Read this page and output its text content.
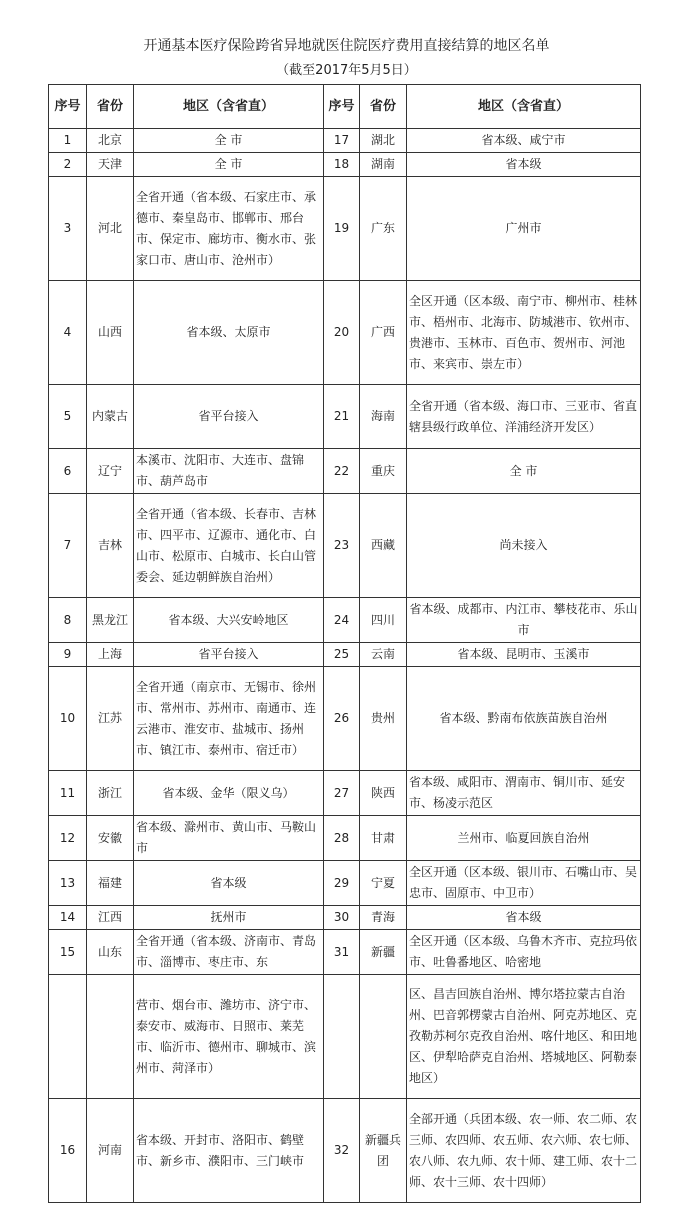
开通基本医疗保险跨省异地就医住院医疗费用直接结算的地区名单
（截至2017年5月5日）
序号	省份	地区（含省直）	序号	省份	地区（含省直）
1	北京	全 市	17	湖北	省本级、咸宁市
2	天津	全 市	18	湖南	省本级
3	河北	全省开通（省本级、石家庄市、承德市、秦皇岛市、邯郸市、邢台市、保定市、廊坊市、衡水市、张家口市、唐山市、沧州市）	19	广东	广州市
4	山西	省本级、太原市	20	广西	全区开通（区本级、南宁市、柳州市、桂林市、梧州市、北海市、防城港市、钦州市、贵港市、玉林市、百色市、贺州市、河池市、来宾市、崇左市）
5	内蒙古	省平台接入	21	海南	全省开通（省本级、海口市、三亚市、省直辖县级行政单位、洋浦经济开发区）
6	辽宁	本溪市、沈阳市、大连市、盘锦市、葫芦岛市	22	重庆	全 市
7	吉林	全省开通（省本级、长春市、吉林市、四平市、辽源市、通化市、白山市、松原市、白城市、长白山管委会、延边朝鲜族自治州）	23	西藏	尚未接入
8	黑龙江	省本级、大兴安岭地区	24	四川	省本级、成都市、内江市、攀枝花市、乐山市
9	上海	省平台接入	25	云南	省本级、昆明市、玉溪市
10	江苏	全省开通（南京市、无锡市、徐州市、常州市、苏州市、南通市、连云港市、淮安市、盐城市、扬州市、镇江市、泰州市、宿迁市）	26	贵州	省本级、黔南布依族苗族自治州
11	浙江	省本级、金华（限义乌）	27	陕西	省本级、咸阳市、渭南市、铜川市、延安市、杨凌示范区
12	安徽	省本级、滁州市、黄山市、马鞍山市	28	甘肃	兰州市、临夏回族自治州
13	福建	省本级	29	宁夏	全区开通（区本级、银川市、石嘴山市、吴忠市、固原市、中卫市）
14	江西	抚州市	30	青海	省本级
15	山东	全省开通（省本级、济南市、青岛市、淄博市、枣庄市、东	31	新疆	全区开通（区本级、乌鲁木齐市、克拉玛依市、吐鲁番地区、哈密地
		营市、烟台市、潍坊市、济宁市、泰安市、威海市、日照市、莱芜市、临沂市、德州市、聊城市、滨州市、菏泽市）			区、昌吉回族自治州、博尔塔拉蒙古自治州、巴音郭楞蒙古自治州、阿克苏地区、克孜勒苏柯尔克孜自治州、喀什地区、和田地区、伊犁哈萨克自治州、塔城地区、阿勒泰地区）
16	河南	省本级、开封市、洛阳市、鹤壁市、新乡市、濮阳市、三门峡市	32	新疆兵团	全部开通（兵团本级、农一师、农二师、农三师、农四师、农五师、农六师、农七师、农八师、农九师、农十师、建工师、农十二师、农十三师、农十四师）
